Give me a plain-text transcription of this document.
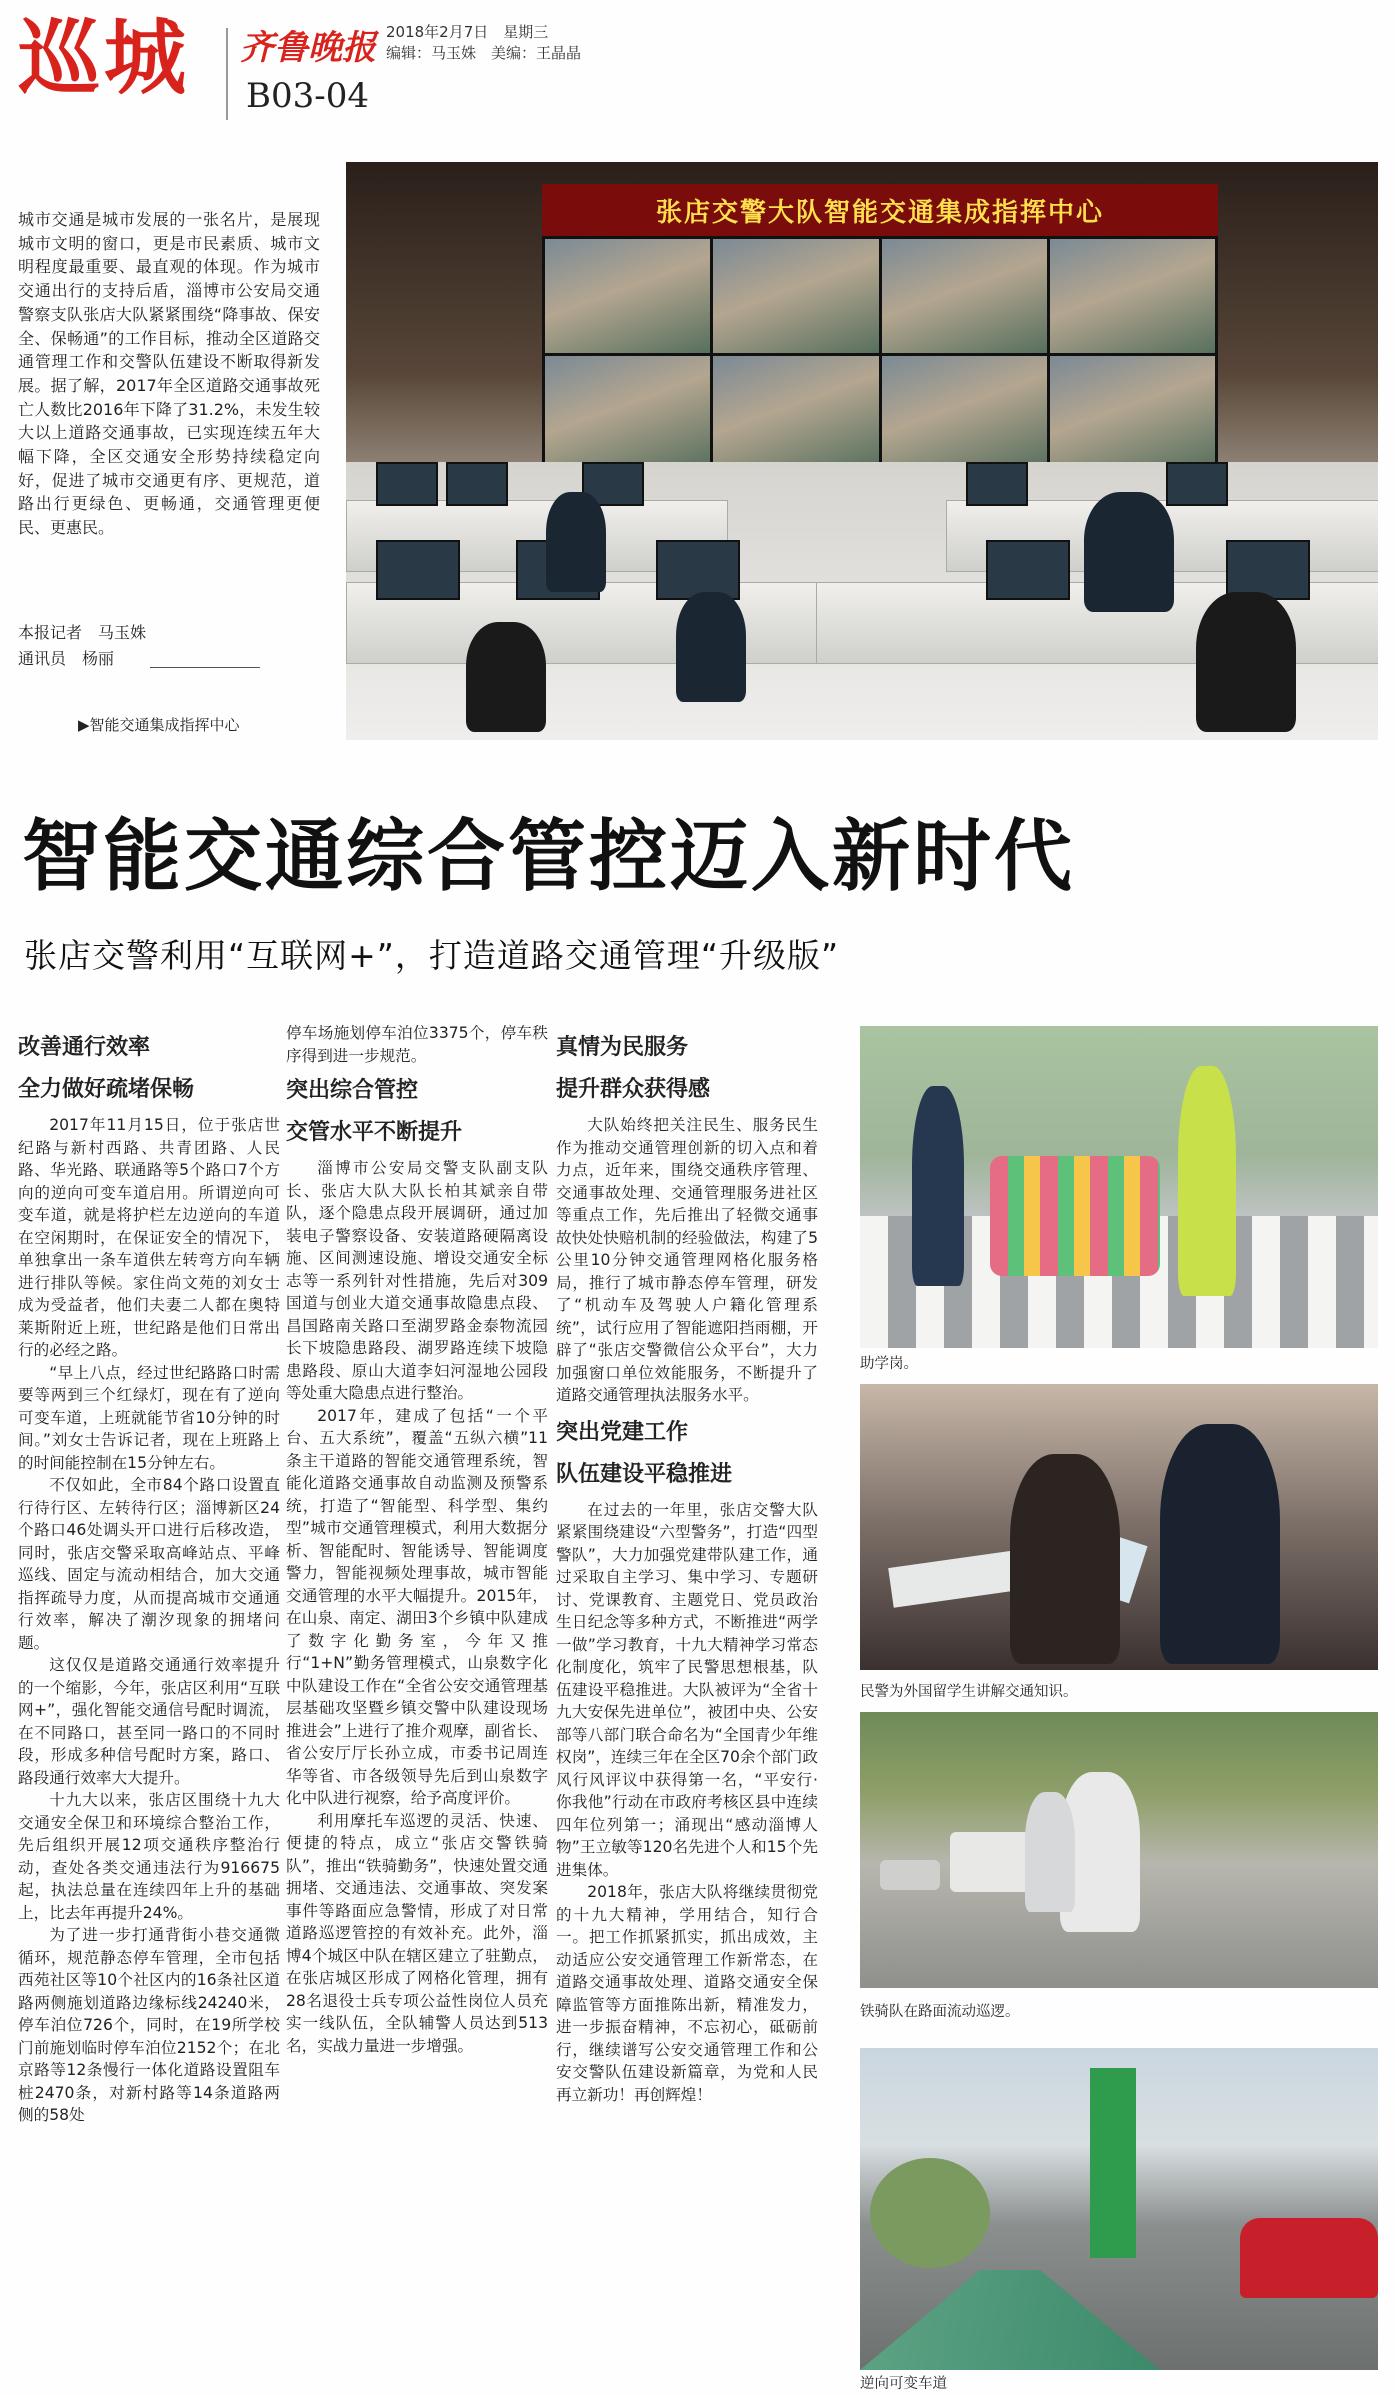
巡城 齐鲁晚报 2018年2月7日　星期三
编辑：马玉姝　美编：王晶晶
B03-04
城市交通是城市发展的一张名片，是展现城市文明的窗口，更是市民素质、城市文明程度最重要、最直观的体现。作为城市交通出行的支持后盾，淄博市公安局交通警察支队张店大队紧紧围绕“降事故、保安全、保畅通”的工作目标，推动全区道路交通管理工作和交警队伍建设不断取得新发展。据了解，2017年全区道路交通事故死亡人数比2016年下降了31.2%，未发生较大以上道路交通事故，已实现连续五年大幅下降，全区交通安全形势持续稳定向好，促进了城市交通更有序、更规范，道路出行更绿色、更畅通，交通管理更便民、更惠民。
本报记者　马玉姝
通讯员　杨丽
▶智能交通集成指挥中心
张店交警大队智能交通集成指挥中心
智能交通综合管控迈入新时代
张店交警利用“互联网+”，打造道路交通管理“升级版”

改善通行效率

全力做好疏堵保畅

2017年11月15日，位于张店世纪路与新村西路、共青团路、人民路、华光路、联通路等5个路口7个方向的逆向可变车道启用。所谓逆向可变车道，就是将护栏左边逆向的车道在空闲期时，在保证安全的情况下，单独拿出一条车道供左转弯方向车辆进行排队等候。家住尚文苑的刘女士成为受益者，他们夫妻二人都在奥特莱斯附近上班，世纪路是他们日常出行的必经之路。

“早上八点，经过世纪路路口时需要等两到三个红绿灯，现在有了逆向可变车道，上班就能节省10分钟的时间。”刘女士告诉记者，现在上班路上的时间能控制在15分钟左右。

不仅如此，全市84个路口设置直行待行区、左转待行区；淄博新区24个路口46处调头开口进行后移改造，同时，张店交警采取高峰站点、平峰巡线、固定与流动相结合，加大交通指挥疏导力度，从而提高城市交通通行效率，解决了潮汐现象的拥堵问题。

这仅仅是道路交通通行效率提升的一个缩影，今年，张店区利用“互联网+”，强化智能交通信号配时调流，在不同路口，甚至同一路口的不同时段，形成多种信号配时方案，路口、路段通行效率大大提升。

十九大以来，张店区围绕十九大交通安全保卫和环境综合整治工作，先后组织开展12项交通秩序整治行动，查处各类交通违法行为916675起，执法总量在连续四年上升的基础上，比去年再提升24%。

为了进一步打通背街小巷交通微循环，规范静态停车管理，全市包括西苑社区等10个社区内的16条社区道路两侧施划道路边缘标线24240米，停车泊位726个，同时，在19所学校门前施划临时停车泊位2152个；在北京路等12条慢行一体化道路设置阻车桩2470条，对新村路等14条道路两侧的58处

停车场施划停车泊位3375个，停车秩序得到进一步规范。

突出综合管控

交管水平不断提升

淄博市公安局交警支队副支队长、张店大队大队长柏其斌亲自带队，逐个隐患点段开展调研，通过加装电子警察设备、安装道路硬隔离设施、区间测速设施、增设交通安全标志等一系列针对性措施，先后对309国道与创业大道交通事故隐患点段、昌国路南关路口至湖罗路金泰物流园长下坡隐患路段、湖罗路连续下坡隐患路段、原山大道李妇河湿地公园段等处重大隐患点进行整治。

2017年，建成了包括“一个平台、五大系统”，覆盖“五纵六横”11条主干道路的智能交通管理系统，智能化道路交通事故自动监测及预警系统，打造了“智能型、科学型、集约型”城市交通管理模式，利用大数据分析、智能配时、智能诱导、智能调度警力，智能视频处理事故，城市智能交通管理的水平大幅提升。2015年，在山泉、南定、湖田3个乡镇中队建成了数字化勤务室，今年又推行“1+N”勤务管理模式，山泉数字化中队建设工作在“全省公安交通管理基层基础攻坚暨乡镇交警中队建设现场推进会”上进行了推介观摩，副省长、省公安厅厅长孙立成，市委书记周连华等省、市各级领导先后到山泉数字化中队进行视察，给予高度评价。

利用摩托车巡逻的灵活、快速、便捷的特点，成立“张店交警铁骑队”，推出“铁骑勤务”，快速处置交通拥堵、交通违法、交通事故、突发案事件等路面应急警情，形成了对日常道路巡逻管控的有效补充。此外，淄博4个城区中队在辖区建立了驻勤点，在张店城区形成了网格化管理，拥有28名退役士兵专项公益性岗位人员充实一线队伍，全队辅警人员达到513名，实战力量进一步增强。

真情为民服务

提升群众获得感

大队始终把关注民生、服务民生作为推动交通管理创新的切入点和着力点，近年来，围绕交通秩序管理、交通事故处理、交通管理服务进社区等重点工作，先后推出了轻微交通事故快处快赔机制的经验做法，构建了5公里10分钟交通管理网格化服务格局，推行了城市静态停车管理，研发了“机动车及驾驶人户籍化管理系统”，试行应用了智能遮阳挡雨棚，开辟了“张店交警微信公众平台”，大力加强窗口单位效能服务，不断提升了道路交通管理执法服务水平。

突出党建工作

队伍建设平稳推进

在过去的一年里，张店交警大队紧紧围绕建设“六型警务”，打造“四型警队”，大力加强党建带队建工作，通过采取自主学习、集中学习、专题研讨、党课教育、主题党日、党员政治生日纪念等多种方式，不断推进“两学一做”学习教育，十九大精神学习常态化制度化，筑牢了民警思想根基，队伍建设平稳推进。大队被评为“全省十九大安保先进单位”，被团中央、公安部等八部门联合命名为“全国青少年维权岗”，连续三年在全区70余个部门政风行风评议中获得第一名，“平安行·你我他”行动在市政府考核区县中连续四年位列第一；涌现出“感动淄博人物”王立敏等120名先进个人和15个先进集体。

2018年，张店大队将继续贯彻党的十九大精神，学用结合，知行合一。把工作抓紧抓实，抓出成效，主动适应公安交通管理工作新常态，在道路交通事故处理、道路交通安全保障监管等方面推陈出新，精准发力，进一步振奋精神，不忘初心，砥砺前行，继续谱写公安交通管理工作和公安交警队伍建设新篇章，为党和人民再立新功！再创辉煌！

助学岗。
民警为外国留学生讲解交通知识。
铁骑队在路面流动巡逻。
逆向可变车道
